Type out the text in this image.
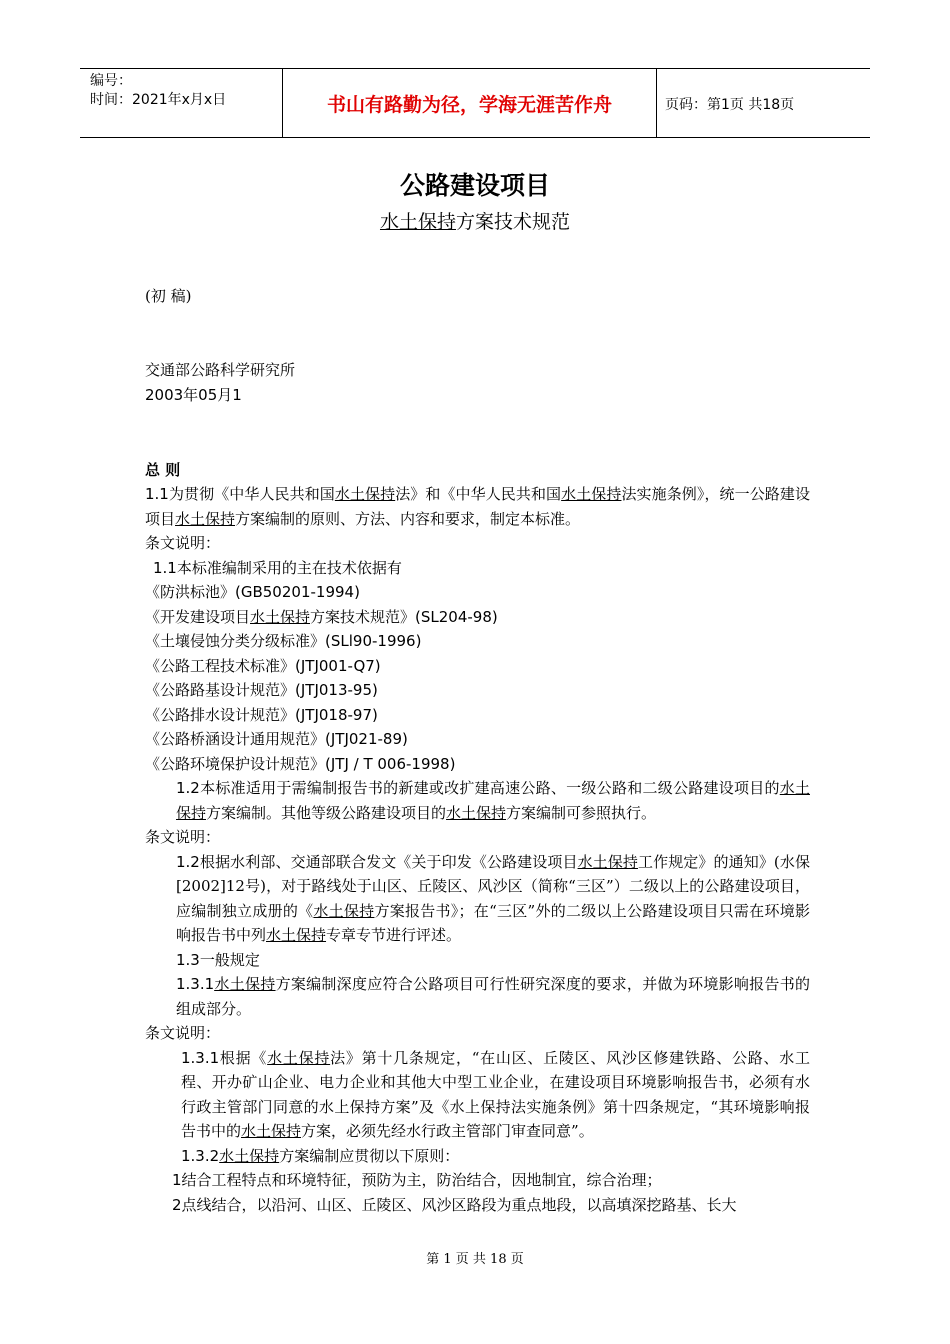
编号：
时间：2021年x月x日	书山有路勤为径，学海无涯苦作舟	页码：第1页 共18页
公路建设项目
水土保持方案技术规范
(初 稿)
交通部公路科学研究所
2003年05月1
总 则

1.1为贯彻《中华人民共和国水土保持法》和《中华人民共和国水土保持法实施条例》，统一公路建设项目水土保持方案编制的原则、方法、内容和要求，制定本标准。

条文说明：

1.1本标准编制采用的主在技术依据有

《防洪标池》(GB50201-1994)

《开发建设项目水土保持方案技术规范》(SL204-98)

《土壤侵蚀分类分级标准》(SLl90-1996)

《公路工程技术标准》(JTJ001-Q7)

《公路路基设计规范》(JTJ013-95)

《公路排水设计规范》(JTJ018-97)

《公路桥涵设计通用规范》(JTJ021-89)

《公路环境保护设计规范》(JTJ / T 006-1998)

1.2本标准适用于需编制报告书的新建或改扩建高速公路、一级公路和二级公路建设项目的水土保持方案编制。其他等级公路建设项目的水土保持方案编制可参照执行。

条文说明：

1.2根据水利部、交通部联合发文《关于印发《公路建设项目水土保持工作规定》的通知》(水保[2002]12号)，对于路线处于山区、丘陵区、风沙区（简称“三区”）二级以上的公路建设项目，应编制独立成册的《水土保持方案报告书》；在“三区”外的二级以上公路建设项目只需在环境影响报告书中列水土保持专章专节进行评述。

1.3一般规定

1.3.1水土保持方案编制深度应符合公路项目可行性研究深度的要求，并做为环境影响报告书的组成部分。

条文说明：

1.3.1根据《水土保持法》第十几条规定，“在山区、丘陵区、风沙区修建铁路、公路、水工程、开办矿山企业、电力企业和其他大中型工业企业，在建设项目环境影响报告书，必须有水行政主管部门同意的水上保持方案”及《水上保持法实施条例》第十四条规定，“其环境影响报告书中的水土保持方案，必须先经水行政主管部门审查同意”。

1.3.2水土保持方案编制应贯彻以下原则：

1结合工程特点和环境特征，预防为主，防治结合，因地制宜，综合治理；

2点线结合，以沿河、山区、丘陵区、风沙区路段为重点地段，以高填深挖路基、长大

第 1 页 共 18 页
